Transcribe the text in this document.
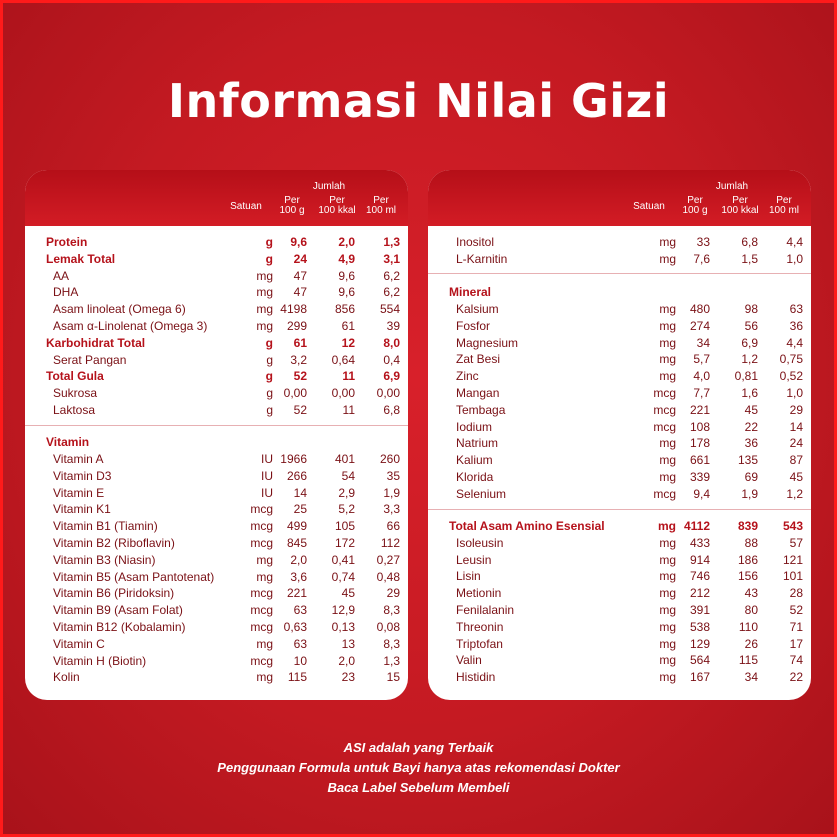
Informasi Nilai Gizi
Jumlah
Satuan
Per
100 g
Per
100 kkal
Per
100 ml
Protein	g	9,6	2,0	1,3
Lemak Total	g	24	4,9	3,1
AA	mg	47	9,6	6,2
DHA	mg	47	9,6	6,2
Asam linoleat (Omega 6)	mg 4198	856	554
Asam α-Linolenat (Omega 3)	mg	299	61	39
Karbohidrat Total	g	61	12	8,0
Serat Pangan	g	3,2	0,64	0,4
Total Gula	g	52	11	6,9
Sukrosa	g 0,00	0,00	0,00
Laktosa	g	52	11	6,8
Vitamin
Vitamin A	IU 1966	401	260
Vitamin D3	IU	266	54	35
Vitamin E	IU	14	2,9	1,9
Vitamin K1	mcg	25	5,2	3,3
Vitamin B1 (Tiamin)	mcg	499	105	66
Vitamin B2 (Riboflavin)	mcg	845	172	112
Vitamin B3 (Niasin)	mg	2,0	0,41	0,27
Vitamin B5 (Asam Pantotenat)	mg	3,6	0,74	0,48
Vitamin B6 (Piridoksin)	mcg	221	45	29
Vitamin B9 (Asam Folat)	mcg	63	12,9	8,3
Vitamin B12 (Kobalamin)	mcg 0,63	0,13	0,08
Vitamin C	mg	63	13	8,3
Vitamin H (Biotin)	mcg	10	2,0	1,3
Kolin	mg	115	23	15
Jumlah
Satuan
Per
100 g
Per
100 kkal
Per
100 ml
Inositol	mg	33	6,8	4,4
L-Karnitin	mg	7,6	1,5	1,0
Mineral
Kalsium	mg	480	98	63
Fosfor	mg	274	56	36
Magnesium	mg	34	6,9	4,4
Zat Besi	mg	5,7	1,2	0,75
Zinc	mg	4,0	0,81	0,52
Mangan	mcg	7,7	1,6	1,0
Tembaga	mcg	221	45	29
Iodium	mcg	108	22	14
Natrium	mg	178	36	24
Kalium	mg	661	135	87
Klorida	mg	339	69	45
Selenium	mcg	9,4	1,9	1,2
Total Asam Amino Esensial	mg 4112	839	543
Isoleusin	mg	433	88	57
Leusin	mg	914	186	121
Lisin	mg	746	156	101
Metionin	mg	212	43	28
Fenilalanin	mg	391	80	52
Threonin	mg	538	110	71
Triptofan	mg	129	26	17
Valin	mg	564	115	74
Histidin	mg	167	34	22
ASI adalah yang Terbaik
Penggunaan Formula untuk Bayi hanya atas rekomendasi Dokter
Baca Label Sebelum Membeli
